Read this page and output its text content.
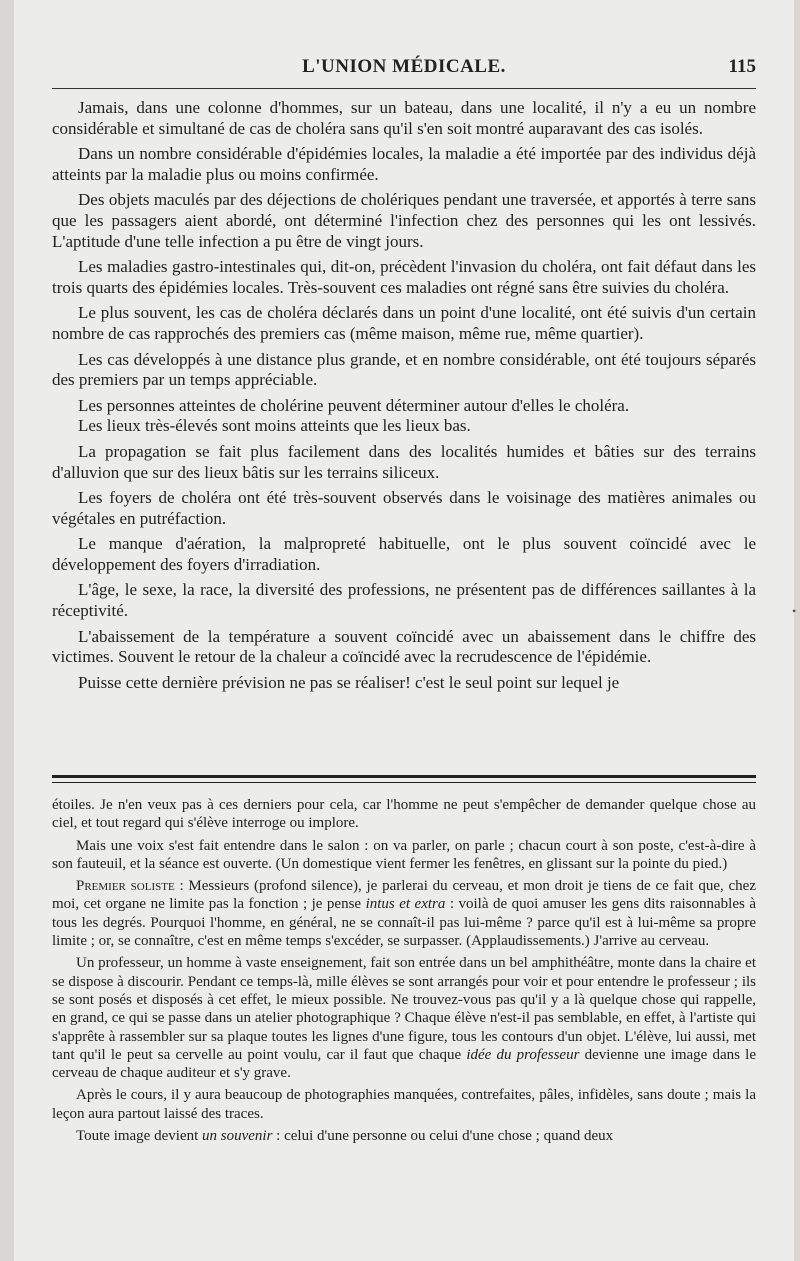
L'UNION MÉDICALE.	115

Jamais, dans une colonne d'hommes, sur un bateau, dans une localité, il n'y a eu un nombre considérable et simultané de cas de choléra sans qu'il s'en soit montré auparavant des cas isolés.

Dans un nombre considérable d'épidémies locales, la maladie a été importée par des individus déjà atteints par la maladie plus ou moins confirmée.

Des objets maculés par des déjections de cholériques pendant une traversée, et apportés à terre sans que les passagers aient abordé, ont déterminé l'infection chez des personnes qui les ont lessivés. L'aptitude d'une telle infection a pu être de vingt jours.

Les maladies gastro-intestinales qui, dit-on, précèdent l'invasion du choléra, ont fait défaut dans les trois quarts des épidémies locales. Très-souvent ces maladies ont régné sans être suivies du choléra.

Le plus souvent, les cas de choléra déclarés dans un point d'une localité, ont été suivis d'un certain nombre de cas rapprochés des premiers cas (même maison, même rue, même quartier).

Les cas développés à une distance plus grande, et en nombre considérable, ont été toujours séparés des premiers par un temps appréciable.

Les personnes atteintes de cholérine peuvent déterminer autour d'elles le choléra.

Les lieux très-élevés sont moins atteints que les lieux bas.

La propagation se fait plus facilement dans des localités humides et bâties sur des terrains d'alluvion que sur des lieux bâtis sur les terrains siliceux.

Les foyers de choléra ont été très-souvent observés dans le voisinage des matières animales ou végétales en putréfaction.

Le manque d'aération, la malpropreté habituelle, ont le plus souvent coïncidé avec le développement des foyers d'irradiation.

L'âge, le sexe, la race, la diversité des professions, ne présentent pas de différences saillantes à la réceptivité.

L'abaissement de la température a souvent coïncidé avec un abaissement dans le chiffre des victimes. Souvent le retour de la chaleur a coïncidé avec la recrudescence de l'épidémie.

Puisse cette dernière prévision ne pas se réaliser! c'est le seul point sur lequel je

•

étoiles. Je n'en veux pas à ces derniers pour cela, car l'homme ne peut s'empêcher de demander quelque chose au ciel, et tout regard qui s'élève interroge ou implore.

Mais une voix s'est fait entendre dans le salon : on va parler, on parle ; chacun court à son poste, c'est-à-dire à son fauteuil, et la séance est ouverte. (Un domestique vient fermer les fenêtres, en glissant sur la pointe du pied.)

Premier soliste : Messieurs (profond silence), je parlerai du cerveau, et mon droit je tiens de ce fait que, chez moi, cet organe ne limite pas la fonction ; je pense intus et extra : voilà de quoi amuser les gens dits raisonnables à tous les degrés. Pourquoi l'homme, en général, ne se connaît-il pas lui-même ? parce qu'il est à lui-même sa propre limite ; or, se connaître, c'est en même temps s'excéder, se surpasser. (Applaudissements.) J'arrive au cerveau.

Un professeur, un homme à vaste enseignement, fait son entrée dans un bel amphithéâtre, monte dans la chaire et se dispose à discourir. Pendant ce temps-là, mille élèves se sont arrangés pour voir et pour entendre le professeur ; ils se sont posés et disposés à cet effet, le mieux possible. Ne trouvez-vous pas qu'il y a là quelque chose qui rappelle, en grand, ce qui se passe dans un atelier photographique ? Chaque élève n'est-il pas semblable, en effet, à l'artiste qui s'apprête à rassembler sur sa plaque toutes les lignes d'une figure, tous les contours d'un objet. L'élève, lui aussi, met tant qu'il le peut sa cervelle au point voulu, car il faut que chaque idée du professeur devienne une image dans le cerveau de chaque auditeur et s'y grave.

Après le cours, il y aura beaucoup de photographies manquées, contrefaites, pâles, infidèles, sans doute ; mais la leçon aura partout laissé des traces.

Toute image devient un souvenir : celui d'une personne ou celui d'une chose ; quand deux
